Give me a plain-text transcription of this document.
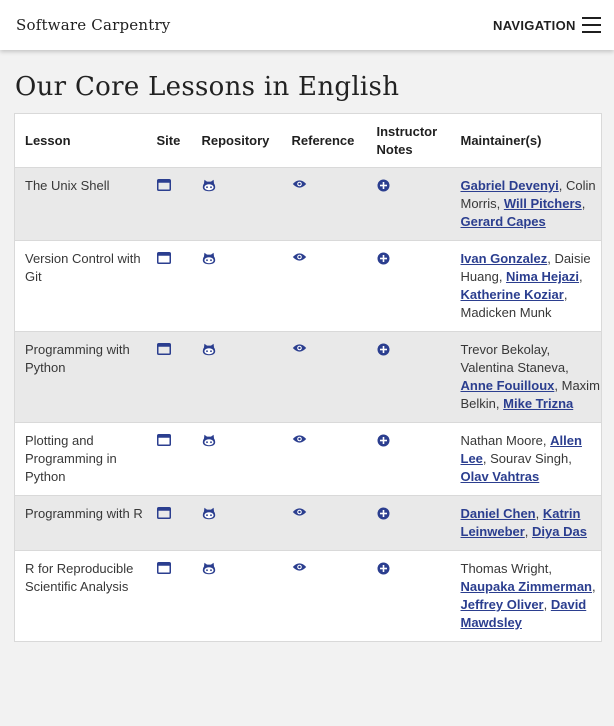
Software Carpentry	NAVIGATION
Our Core Lessons in English
Lesson	Site	Repository	Reference	Instructor Notes	Maintainer(s)
The Unix Shell					Gabriel Devenyi, Colin Morris, Will Pitchers, Gerard Capes
Version Control with Git					Ivan Gonzalez, Daisie Huang, Nima Hejazi, Katherine Koziar, Madicken Munk
Programming with Python					Trevor Bekolay, Valentina Staneva, Anne Fouilloux, Maxim Belkin, Mike Trizna
Plotting and Programming in Python					Nathan Moore, Allen Lee, Sourav Singh, Olav Vahtras
Programming with R					Daniel Chen, Katrin Leinweber, Diya Das
R for Reproducible Scientific Analysis					Thomas Wright, Naupaka Zimmerman, Jeffrey Oliver, David Mawdsley
